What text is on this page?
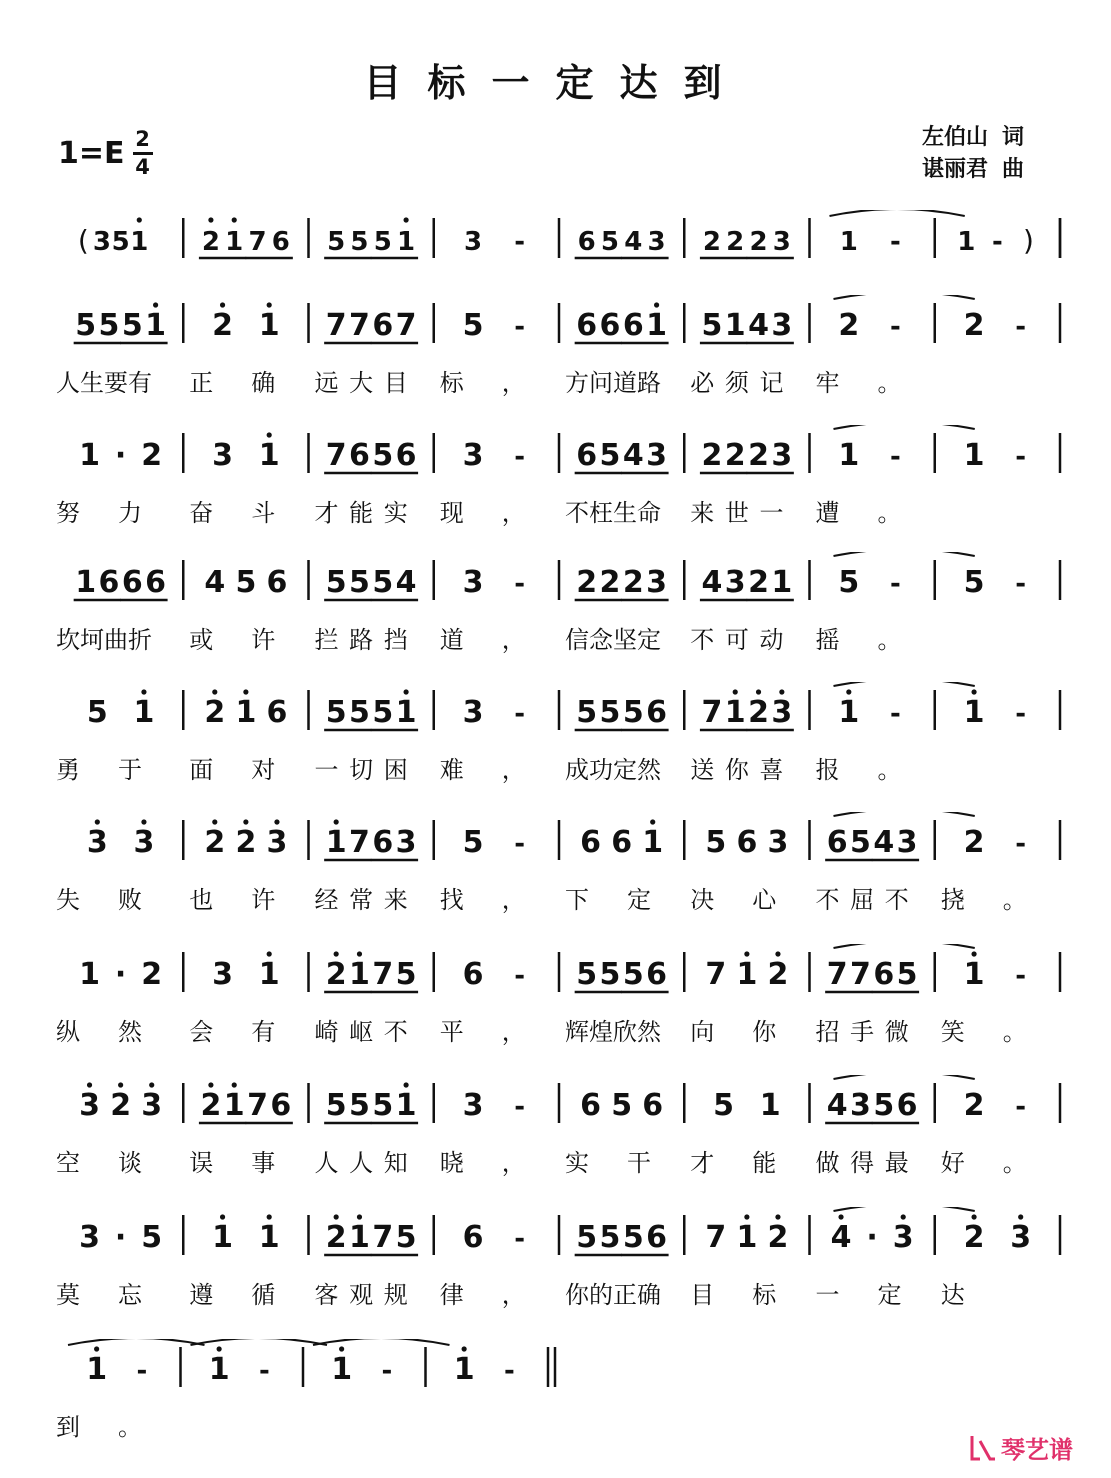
目标一定达到
$1=E \frac{2}{4}$	左伯山 词
谌丽君 曲
( 3 5 1 2 1 7 6 5 5 5 1 3 - 6 5 4 3 2 2 2 3 1 - 1 - )
5 5 5 1 2 1 7 7 6 7 5 - 6 6 6 1 5 1 4 3 2 - 2 -
人生要有 正确 远大目 标， 方问道路 必须记 牢。
1 · 2 3 1 7 6 5 6 3 - 6 5 4 3 2 2 2 3 1 - 1 -
努力 奋斗 才能实 现， 不枉生命 来世一 遭。
1 6 6 6 4 5 6 5 5 5 4 3 - 2 2 2 3 4 3 2 1 5 - 5 -
坎坷曲折 或许 拦路挡 道， 信念坚定 不可动 摇。
5 1 2 1 6 5 5 5 1 3 - 5 5 5 6 7 1 2 3 1 - 1 -
勇于 面对 一切困 难， 成功定然 送你喜 报。
3 3 2 2 3 1 7 6 3 5 - 6 6 1 5 6 3 6 5 4 3 2 -
失败 也许 经常来 找， 下定 决心 不屈不 挠。
1 · 2 3 1 2 1 7 5 6 - 5 5 5 6 7 1 2 7 7 6 5 1 -
纵然 会有 崎岖不 平， 辉煌欣然 向你 招手微 笑。
3 2 3 2 1 7 6 5 5 5 1 3 - 6 5 6 5 1 4 3 5 6 2 -
空谈 误事 人人知 晓， 实干 才能 做得最 好。
3 · 5 1 1 2 1 7 5 6 - 5 5 5 6 7 1 2 4 · 3 2 3
莫忘 遵循 客观规 律， 你的正确 目标 一定 达
1 - 1 - 1 - 1 -
到。
琴艺谱
